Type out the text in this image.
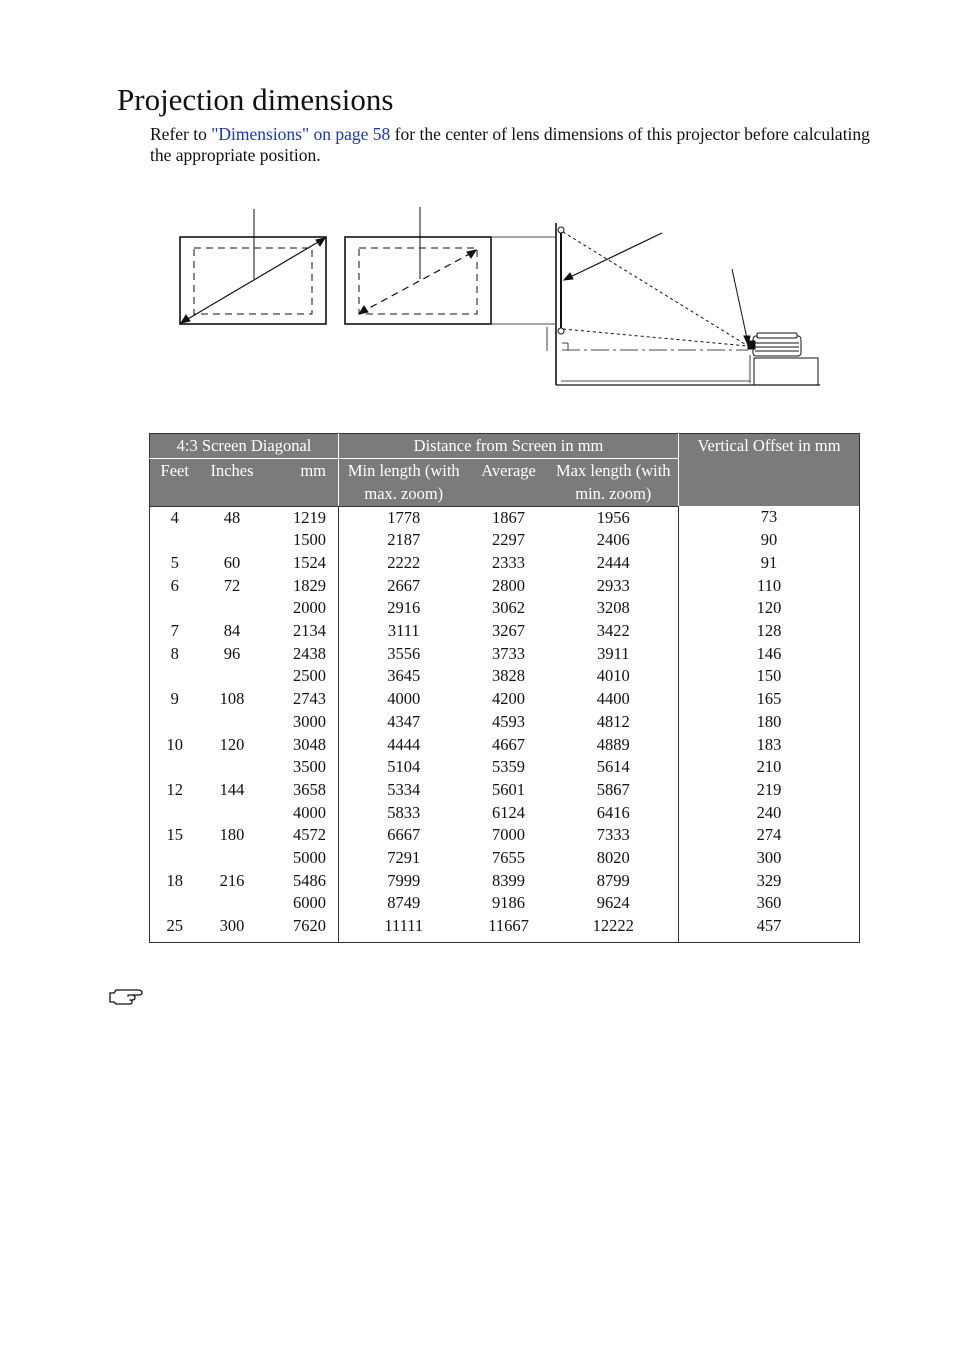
Projection dimensions

Refer to "Dimensions" on page 58 for the center of lens dimensions of this projector before calculating the appropriate position.

4:3 Screen Diagonal			Distance from Screen in mm			Vertical Offset in mm
Feet	Inches	mm	Min length (with max. zoom)	Average	Max length (with min. zoom)	
4	48	1219	1778	1867	1956	73
		1500	2187	2297	2406	90
5	60	1524	2222	2333	2444	91
6	72	1829	2667	2800	2933	110
		2000	2916	3062	3208	120
7	84	2134	3111	3267	3422	128
8	96	2438	3556	3733	3911	146
		2500	3645	3828	4010	150
9	108	2743	4000	4200	4400	165
		3000	4347	4593	4812	180
10	120	3048	4444	4667	4889	183
		3500	5104	5359	5614	210
12	144	3658	5334	5601	5867	219
		4000	5833	6124	6416	240
15	180	4572	6667	7000	7333	274
		5000	7291	7655	8020	300
18	216	5486	7999	8399	8799	329
		6000	8749	9186	9624	360
25	300	7620	11111	11667	12222	457
